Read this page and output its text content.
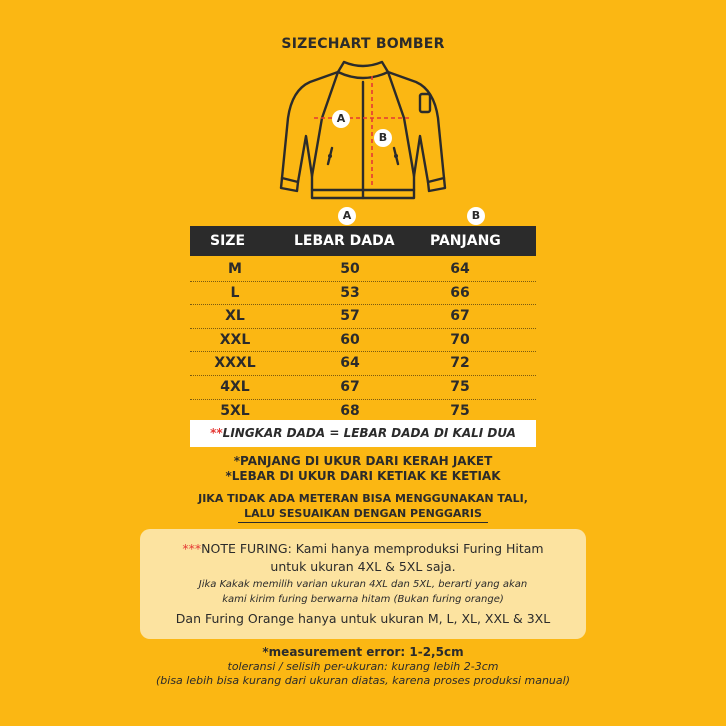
SIZECHART BOMBER
A
B
A	B
SIZE	LEBAR DADA	PANJANG
M	50	64
L	53	66
XL	57	67
XXL	60	70
XXXL	64	72
4XL	67	75
5XL	68	75
**LINGKAR DADA = LEBAR DADA DI KALI DUA
*PANJANG DI UKUR DARI KERAH JAKET
*LEBAR DI UKUR DARI KETIAK KE KETIAK
JIKA TIDAK ADA METERAN BISA MENGGUNAKAN TALI,
LALU SESUAIKAN DENGAN PENGGARIS
***NOTE FURING: Kami hanya memproduksi Furing Hitam
untuk ukuran 4XL & 5XL saja.
Jika Kakak memilih varian ukuran 4XL dan 5XL, berarti yang akan
kami kirim furing berwarna hitam (Bukan furing orange)
Dan Furing Orange hanya untuk ukuran M, L, XL, XXL & 3XL
*measurement error: 1-2,5cm
toleransi / selisih per-ukuran: kurang lebih 2-3cm
(bisa lebih bisa kurang dari ukuran diatas, karena proses produksi manual)
